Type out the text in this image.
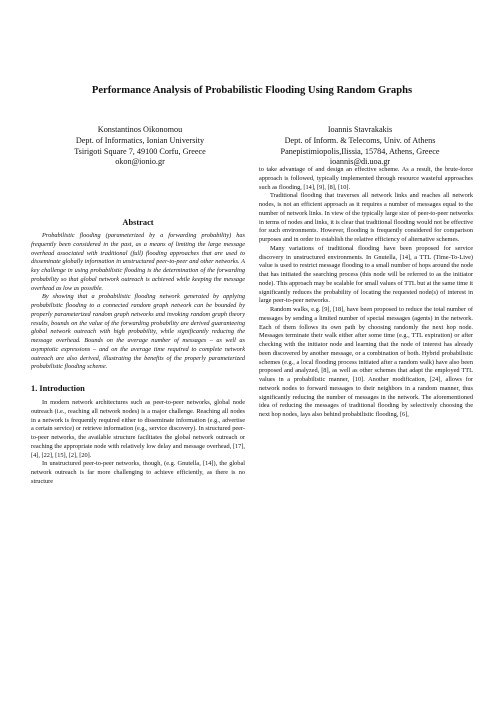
Performance Analysis of Probabilistic Flooding Using Random Graphs
Konstantinos Oikonomou
Dept. of Informatics, Ionian University
Tsirigoti Square 7, 49100 Corfu, Greece
okon@ionio.gr
Ioannis Stavrakakis
Dept. of Inform. & Telecoms, Univ. of Athens
Panepistimiopolis,Ilissia, 15784, Athens, Greece
ioannis@di.uoa.gr
Abstract

Probabilistic flooding (parameterized by a forwarding probability) has frequently been considered in the past, as a means of limiting the large message overhead associated with traditional (full) flooding approaches that are used to disseminate globally information in unstructured peer-to-peer and other networks. A key challenge in using probabilistic flooding is the determination of the forwarding probability so that global network outreach is achieved while keeping the message overhead as low as possible.

By showing that a probabilistic flooding network generated by applying probabilistic flooding to a connected random graph network can be bounded by properly parameterized random graph networks and invoking random graph theory results, bounds on the value of the forwarding probability are derived guaranteeing global network outreach with high probability, while significantly reducing the message overhead. Bounds on the average number of messages – as well as asymptotic expressions – and on the average time required to complete network outreach are also derived, illustrating the benefits of the properly parameterized probabilistic flooding scheme.

1. Introduction

In modern network architectures such as peer-to-peer networks, global node outreach (i.e., reaching all network nodes) is a major challenge. Reaching all nodes in a network is frequently required either to disseminate information (e.g., advertise a certain service) or retrieve information (e.g., service discovery). In structured peer-to-peer networks, the available structure facilitates the global network outreach or reaching the appropriate node with relatively low delay and message overhead, [17], [4], [22], [15], [2], [20].

In unstructured peer-to-peer networks, though, (e.g. Gnutella, [14]), the global network outreach is far more challenging to achieve efficiently, as there is no structure

to take advantage of and design an effective scheme. As a result, the brute-force approach is followed, typically implemented through resource wasteful approaches such as flooding, [14], [9], [8], [10].

Traditional flooding that traverses all network links and reaches all network nodes, is not an efficient approach as it requires a number of messages equal to the number of network links. In view of the typically large size of peer-to-peer networks in terms of nodes and links, it is clear that traditional flooding would not be effective for such environments. However, flooding is frequently considered for comparison purposes and in order to establish the relative efficiency of alternative schemes.

Many variations of traditional flooding have been proposed for service discovery in unstructured environments. In Gnutella, [14], a TTL (Time-To-Live) value is used to restrict message flooding to a small number of hops around the node that has initiated the searching process (this node will be referred to as the initiator node). This approach may be scalable for small values of TTL but at the same time it significantly reduces the probability of locating the requested node(s) of interest in large peer-to-peer networks.

Random walks, e.g. [9], [18], have been proposed to reduce the total number of messages by sending a limited number of special messages (agents) in the network. Each of them follows its own path by choosing randomly the next hop node. Messages terminate their walk either after some time (e.g., TTL expiration) or after checking with the initiator node and learning that the node of interest has already been discovered by another message, or a combination of both. Hybrid probabilistic schemes (e.g., a local flooding process initiated after a random walk) have also been proposed and analyzed, [8], as well as other schemes that adapt the employed TTL values in a probabilistic manner, [10]. Another modification, [24], allows for network nodes to forward messages to their neighbors in a random manner, thus significantly reducing the number of messages in the network. The aforementioned idea of reducing the messages of traditional flooding by selectively choosing the next hop nodes, lays also behind probabilistic flooding, [6],
